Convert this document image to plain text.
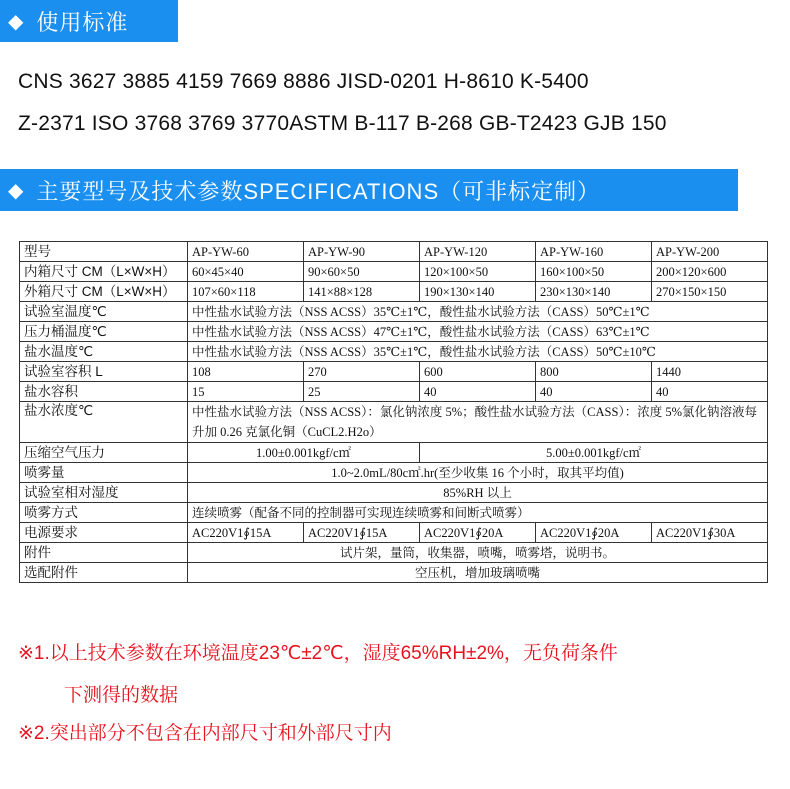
◆ 使用标准
CNS 3627 3885 4159 7669 8886 JISD-0201 H-8610 K-5400
Z-2371 ISO 3768 3769 3770ASTM B-117 B-268 GB-T2423 GJB 150
◆ 主要型号及技术参数SPECIFICATIONS（可非标定制）
型号	AP-YW-60	AP-YW-90	AP-YW-120	AP-YW-160	AP-YW-200
内箱尺寸 CM（L×W×H）	60×45×40	90×60×50	120×100×50	160×100×50	200×120×600
外箱尺寸 CM（L×W×H）	107×60×118	141×88×128	190×130×140	230×130×140	270×150×150
试验室温度℃	中性盐水试验方法（NSS ACSS）35℃±1℃，酸性盐水试验方法（CASS）50℃±1℃				
压力桶温度℃	中性盐水试验方法（NSS ACSS）47℃±1℃，酸性盐水试验方法（CASS）63℃±1℃				
盐水温度℃	中性盐水试验方法（NSS ACSS）35℃±1℃，酸性盐水试验方法（CASS）50℃±10℃				
试验室容积 L	108	270	600	800	1440
盐水容积	15	25	40	40	40
盐水浓度℃	中性盐水试验方法（NSS ACSS）：氯化钠浓度 5%；酸性盐水试验方法（CASS）：浓度 5%氯化钠溶液每升加 0.26 克氯化铜（CuCL2.H2o）				
压缩空气压力	1.00±0.001kgf/c㎡		5.00±0.001kgf/c㎡		
喷雾量	1.0~2.0mL/80c㎡.hr(至少收集 16 个小时，取其平均值)				
试验室相对湿度	85%RH 以上				
喷雾方式	连续喷雾（配备不同的控制器可实现连续喷雾和间断式喷雾）				
电源要求	AC220V1∮15A	AC220V1∮15A	AC220V1∮20A	AC220V1∮20A	AC220V1∮30A
附件	试片架，量筒，收集器，喷嘴，喷雾塔，说明书。				
选配附件	空压机，增加玻璃喷嘴				
※1.以上技术参数在环境温度23℃±2℃，湿度65%RH±2%，无负荷条件
下测得的数据
※2.突出部分不包含在内部尺寸和外部尺寸内
